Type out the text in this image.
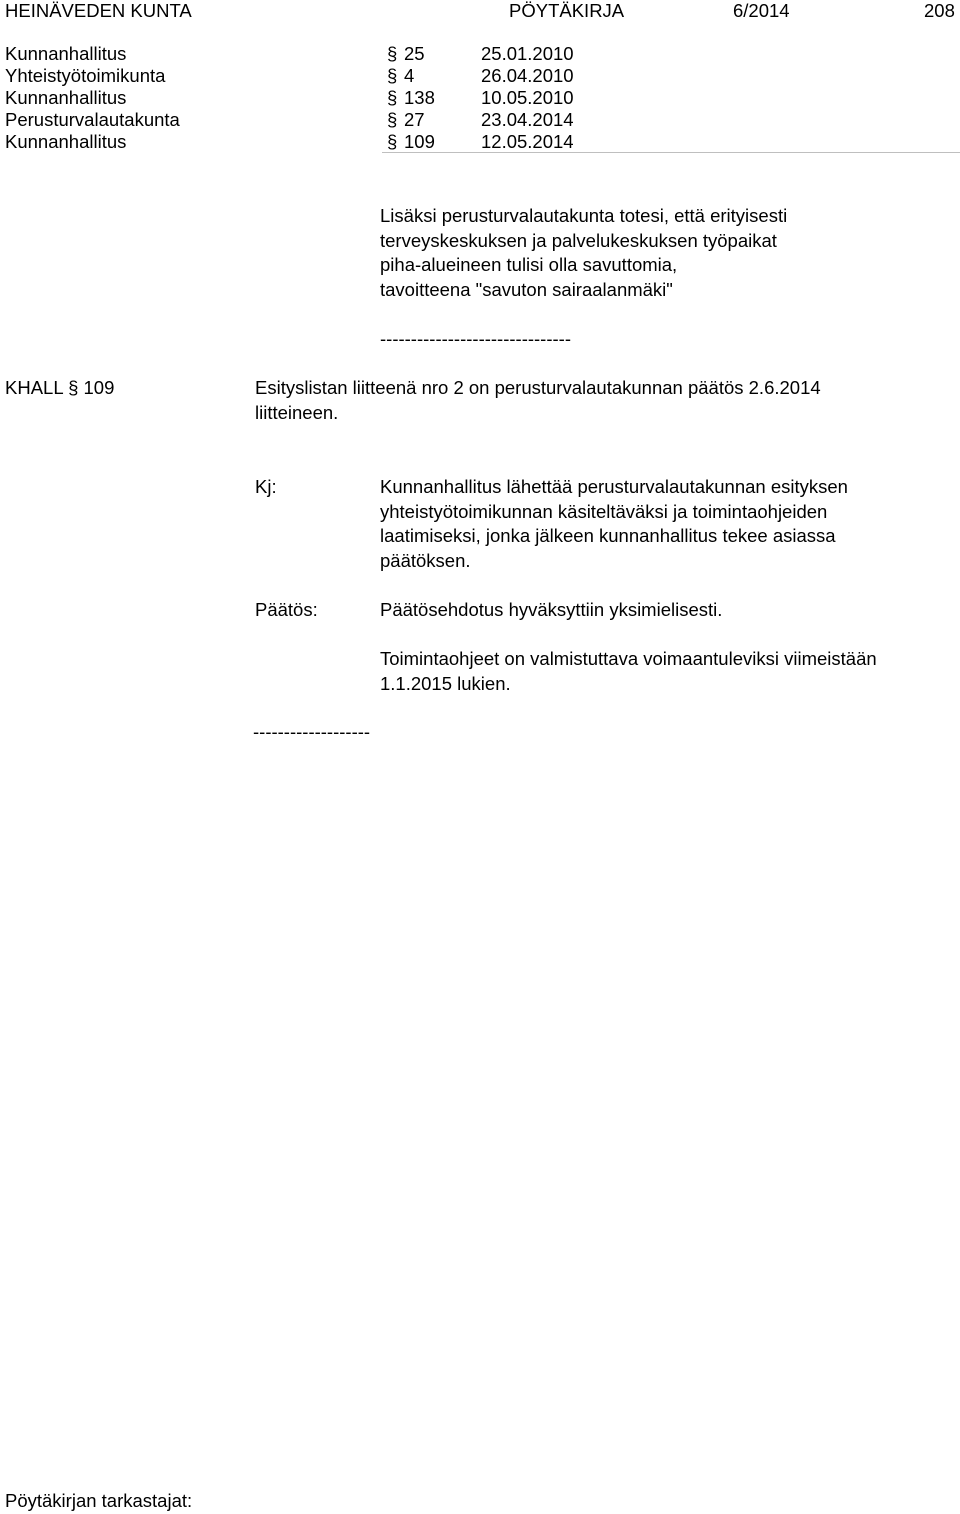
HEINÄVEDEN KUNTA	PÖYTÄKIRJA	6/2014	208
Kunnanhallitus	§ 25	25.01.2010
Yhteistyötoimikunta	§ 4	26.04.2010
Kunnanhallitus	§ 138 10.05.2010
Perusturvalautakunta	§ 27	23.04.2014
Kunnanhallitus	§ 109 12.05.2014
Lisäksi perusturvalautakunta totesi, että erityisesti
terveyskeskuksen ja palvelukeskuksen työpaikat
piha-alueineen tulisi olla savuttomia,
tavoitteena "savuton sairaalanmäki"
-------------------------------
KHALL § 109	Esityslistan liitteenä nro 2 on perusturvalautakunnan päätös 2.6.2014
liitteineen.
Kj:	Kunnanhallitus lähettää perusturvalautakunnan esityksen
yhteistyötoimikunnan käsiteltäväksi ja toimintaohjeiden
laatimiseksi, jonka jälkeen kunnanhallitus tekee asiassa
päätöksen.
Päätös:	Päätösehdotus hyväksyttiin yksimielisesti.
Toimintaohjeet on valmistuttava voimaantuleviksi viimeistään
1.1.2015 lukien.
-------------------
Pöytäkirjan tarkastajat:
